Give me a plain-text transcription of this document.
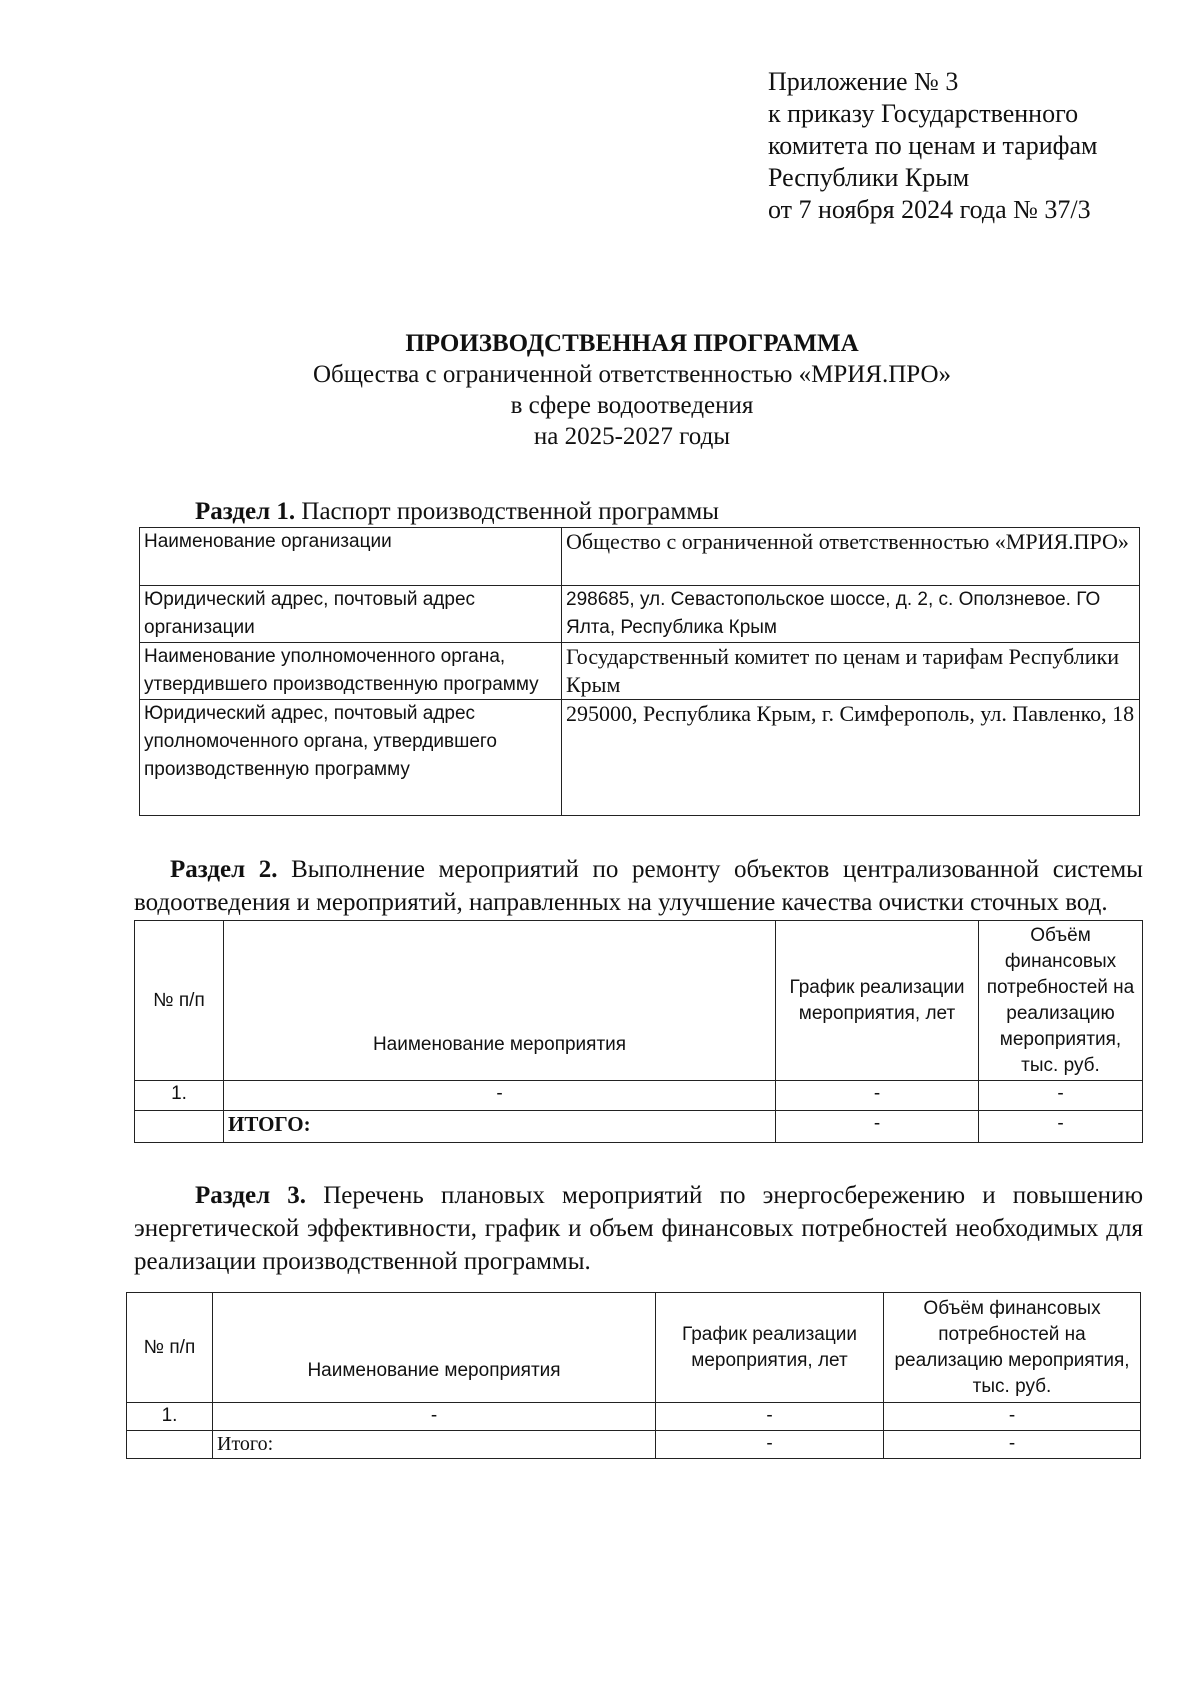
Приложение № 3
к приказу Государственного
комитета по ценам и тарифам
Республики Крым
от 7 ноября 2024 года № 37/3
ПРОИЗВОДСТВЕННАЯ ПРОГРАММА
Общества с ограниченной ответственностью «МРИЯ.ПРО»
в сфере водоотведения
на 2025-2027 годы
Раздел 1. Паспорт производственной программы
Наименование организации	Общество с ограниченной ответственностью «МРИЯ.ПРО»
Юридический адрес, почтовый адрес организации	298685, ул. Севастопольское шоссе, д. 2, с. Оползневое. ГО Ялта, Республика Крым
Наименование уполномоченного органа, утвердившего производственную программу	Государственный комитет по ценам и тарифам Республики Крым
Юридический адрес, почтовый адрес уполномоченного органа, утвердившего производственную программу	295000, Республика Крым, г. Симферополь, ул. Павленко, 18
Раздел 2. Выполнение мероприятий по ремонту объектов централизованной системы водоотведения и мероприятий, направленных на улучшение качества очистки сточных вод.
№ п/п	Наименование мероприятия	График реализации мероприятия, лет	Объём финансовых потребностей на реализацию мероприятия, тыс. руб.
1.	-	-	-
	ИТОГО:	-	-
Раздел 3. Перечень плановых мероприятий по энергосбережению и повышению энергетической эффективности, график и объем финансовых потребностей необходимых для реализации производственной программы.
№ п/п	Наименование мероприятия	График реализации мероприятия, лет	Объём финансовых потребностей на реализацию мероприятия, тыс. руб.
1.	-	-	-
	Итого:	-	-
